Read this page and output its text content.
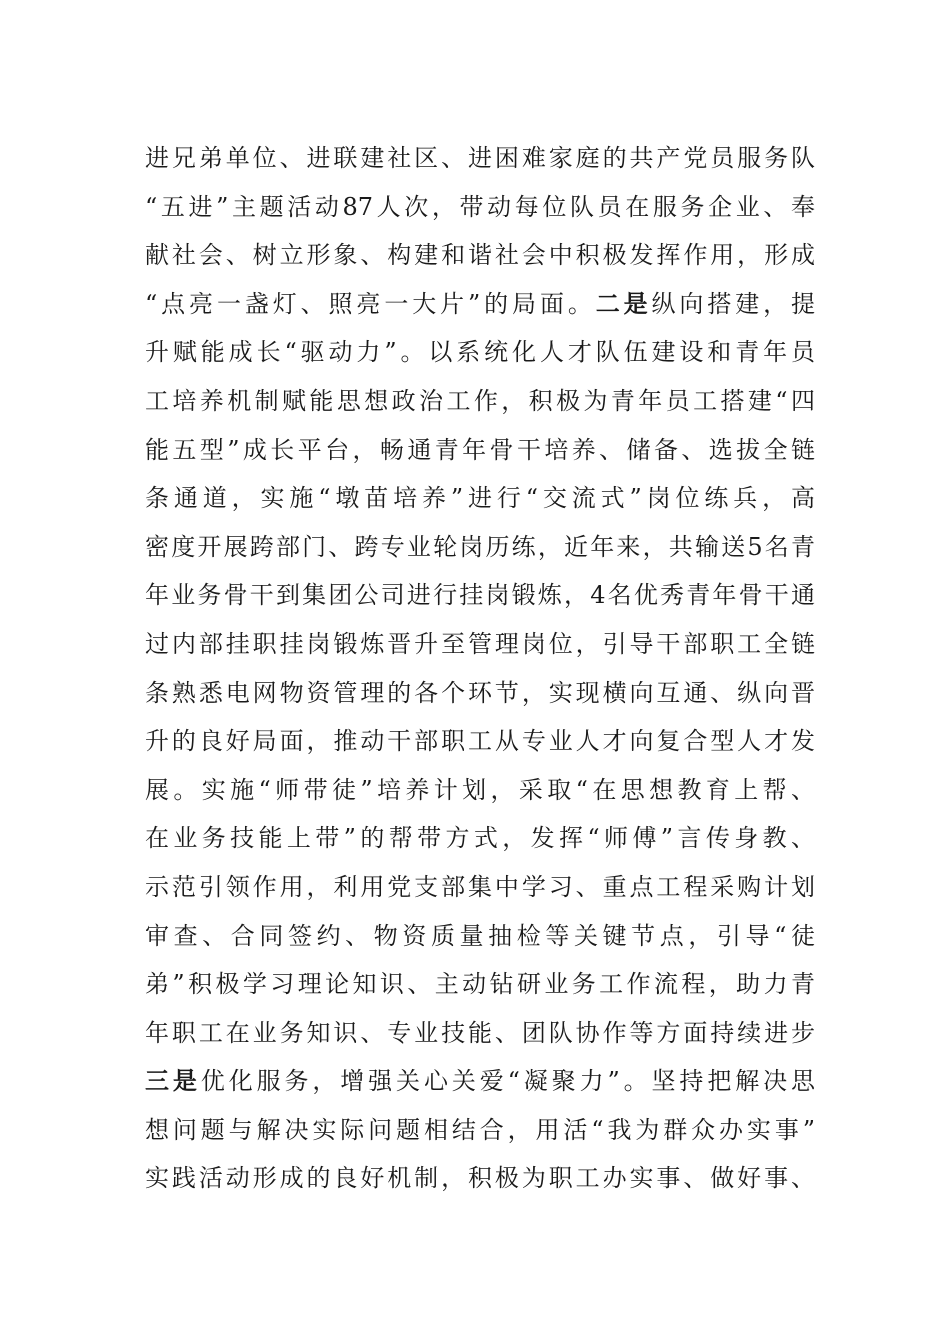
进兄弟单位、进联建社区、进困难家庭的共产党员服务队
“五进”主题活动87人次，带动每位队员在服务企业、奉
献社会、树立形象、构建和谐社会中积极发挥作用，形成
“点亮一盏灯、照亮一大片”的局面。二是纵向搭建，提
升赋能成长“驱动力”。以系统化人才队伍建设和青年员
工培养机制赋能思想政治工作，积极为青年员工搭建“四
能五型”成长平台，畅通青年骨干培养、储备、选拔全链
条通道，实施“墩苗培养”进行“交流式”岗位练兵，高
密度开展跨部门、跨专业轮岗历练，近年来，共输送5名青
年业务骨干到集团公司进行挂岗锻炼，4名优秀青年骨干通
过内部挂职挂岗锻炼晋升至管理岗位，引导干部职工全链
条熟悉电网物资管理的各个环节，实现横向互通、纵向晋
升的良好局面，推动干部职工从专业人才向复合型人才发
展。实施“师带徒”培养计划，采取“在思想教育上帮、
在业务技能上带”的帮带方式，发挥“师傅”言传身教、
示范引领作用，利用党支部集中学习、重点工程采购计划
审查、合同签约、物资质量抽检等关键节点，引导“徒
弟”积极学习理论知识、主动钻研业务工作流程，助力青
年职工在业务知识、专业技能、团队协作等方面持续进步
三是优化服务，增强关心关爱“凝聚力”。坚持把解决思
想问题与解决实际问题相结合，用活“我为群众办实事”
实践活动形成的良好机制，积极为职工办实事、做好事、
